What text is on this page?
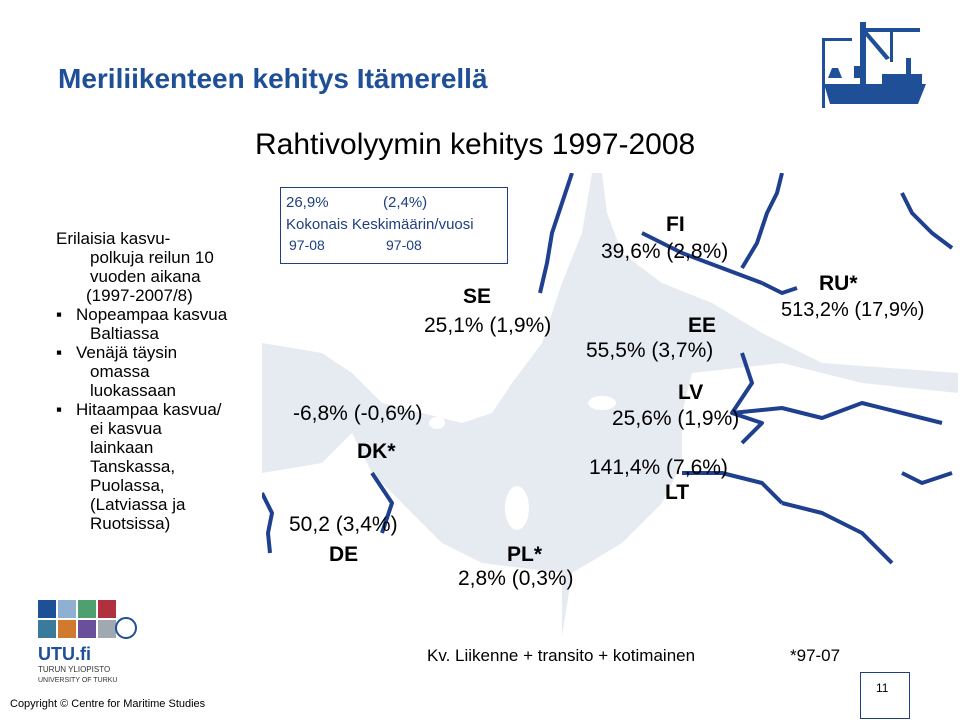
Meriliikenteen kehitys Itämerellä
Rahtivolyymin kehitys 1997-2008
Erilaisia kasvu-
polkuja reilun 10
vuoden aikana
(1997-2007/8)
▪ Nopeampaa kasvua
Baltiassa
▪ Venäjä täysin
omassa
luokassaan
▪ Hitaampaa kasvua/
ei kasvua
lainkaan
Tanskassa,
Puolassa,
(Latviassa ja
Ruotsissa)
26,9%	(2,4%)
Kokonais Keskimäärin/vuosi
97-08	97-08
FI
39,6% (2,8%)
SE
25,1% (1,9%)	EE
55,5% (3,7%)
RU*
513,2% (17,9%)
LV
25,6% (1,9%)
141,4% (7,6%)
LT
-6,8% (-0,6%)
DK*
50,2 (3,4%)
DE	PL*
2,8% (0,3%)
UTU.fi
TURUN YLIOPISTO
UNIVERSITY OF TURKU
Copyright © Centre for Maritime Studies
Kv. Liikenne + transito + kotimainen	*97-07
11
